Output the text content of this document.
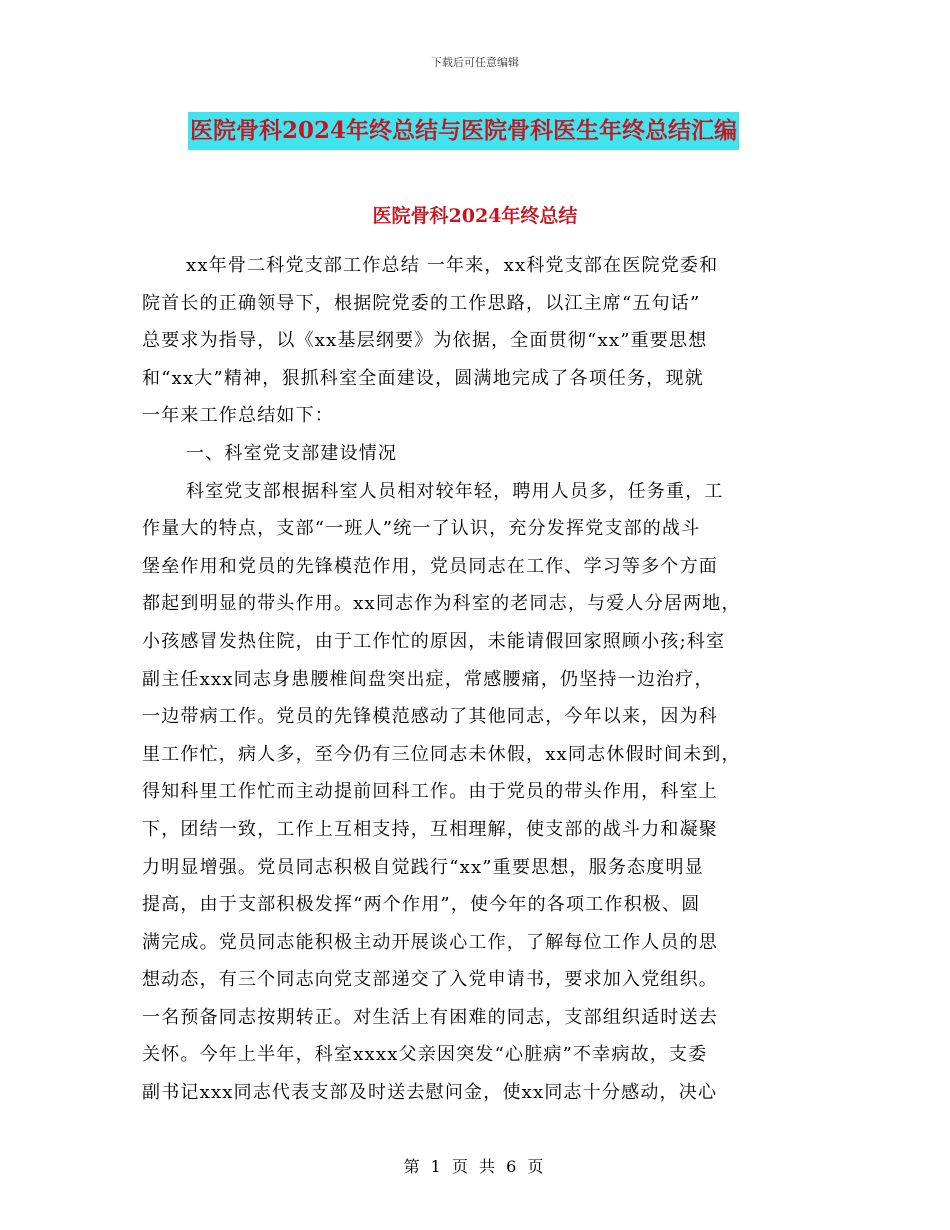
下载后可任意编辑
医院骨科2024年终总结与医院骨科医生年终总结汇编
医院骨科2024年终总结
xx年骨二科党支部工作总结 一年来，xx科党支部在医院党委和
院首长的正确领导下，根据院党委的工作思路，以江主席“五句话”
总要求为指导，以《xx基层纲要》为依据，全面贯彻“xx”重要思想
和“xx大”精神，狠抓科室全面建设，圆满地完成了各项任务，现就
一年来工作总结如下：
一、科室党支部建设情况
科室党支部根据科室人员相对较年轻，聘用人员多，任务重，工
作量大的特点，支部“一班人”统一了认识，充分发挥党支部的战斗
堡垒作用和党员的先锋模范作用，党员同志在工作、学习等多个方面
都起到明显的带头作用。xx同志作为科室的老同志，与爱人分居两地，
小孩感冒发热住院，由于工作忙的原因，未能请假回家照顾小孩;科室
副主任xxx同志身患腰椎间盘突出症，常感腰痛，仍坚持一边治疗，
一边带病工作。党员的先锋模范感动了其他同志，今年以来，因为科
里工作忙，病人多，至今仍有三位同志未休假，xx同志休假时间未到，
得知科里工作忙而主动提前回科工作。由于党员的带头作用，科室上
下，团结一致，工作上互相支持，互相理解，使支部的战斗力和凝聚
力明显增强。党员同志积极自觉践行“xx”重要思想，服务态度明显
提高，由于支部积极发挥“两个作用”，使今年的各项工作积极、圆
满完成。党员同志能积极主动开展谈心工作，了解每位工作人员的思
想动态，有三个同志向党支部递交了入党申请书，要求加入党组织。
一名预备同志按期转正。对生活上有困难的同志，支部组织适时送去
关怀。今年上半年，科室xxxx父亲因突发“心脏病”不幸病故，支委
副书记xxx同志代表支部及时送去慰问金，使xx同志十分感动，决心
第 1 页 共 6 页
